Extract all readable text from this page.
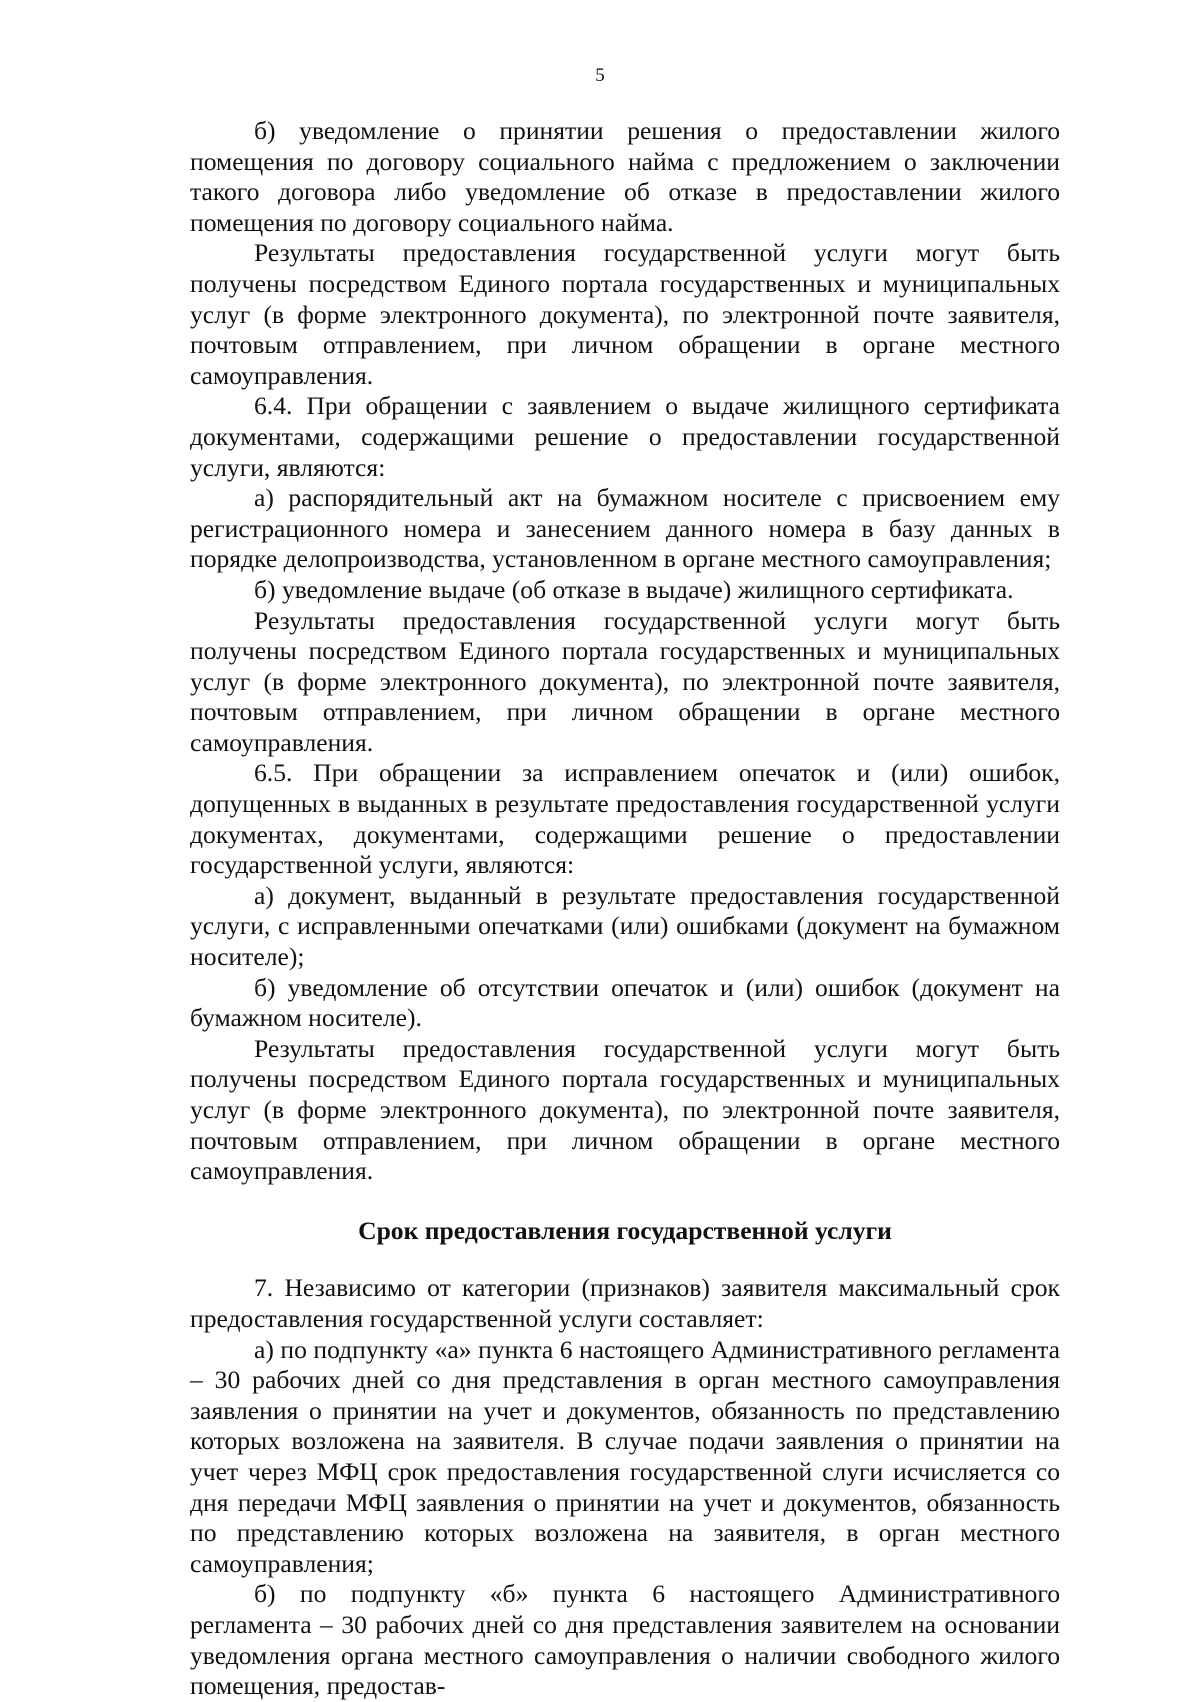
5

б) уведомление о принятии решения о предоставлении жилого помещения по договору социального найма с предложением о заключении такого договора либо уведомление об отказе в предоставлении жилого помещения по договору социального найма.

Результаты предоставления государственной услуги могут быть получены посредством Единого портала государственных и муниципальных услуг (в форме электронного документа), по электронной почте заявителя, почтовым отправлением, при личном обращении в органе местного самоуправления.

6.4. При обращении с заявлением о выдаче жилищного сертификата документами, содержащими решение о предоставлении государственной услуги, являются:

а) распорядительный акт на бумажном носителе с присвоением ему регистрационного номера и занесением данного номера в базу данных в порядке делопроизводства, установленном в органе местного самоуправления;

б) уведомление выдаче (об отказе в выдаче) жилищного сертификата.

Результаты предоставления государственной услуги могут быть получены посредством Единого портала государственных и муниципальных услуг (в форме электронного документа), по электронной почте заявителя, почтовым отправлением, при личном обращении в органе местного самоуправления.

6.5. При обращении за исправлением опечаток и (или) ошибок, допущенных в выданных в результате предоставления государственной услуги документах, документами, содержащими решение о предоставлении государственной услуги, являются:

а) документ, выданный в результате предоставления государственной услуги, с исправленными опечатками (или) ошибками (документ на бумажном носителе);

б) уведомление об отсутствии опечаток и (или) ошибок (документ на бумажном носителе).

Результаты предоставления государственной услуги могут быть получены посредством Единого портала государственных и муниципальных услуг (в форме электронного документа), по электронной почте заявителя, почтовым отправлением, при личном обращении в органе местного самоуправления.

Срок предоставления государственной услуги

7. Независимо от категории (признаков) заявителя максимальный срок предоставления государственной услуги составляет:

а) по подпункту «а» пункта 6 настоящего Административного регламента – 30 рабочих дней со дня представления в орган местного самоуправления заявления о принятии на учет и документов, обязанность по представлению которых возложена на заявителя. В случае подачи заявления о принятии на учет через МФЦ срок предоставления государственной слуги исчисляется со дня передачи МФЦ заявления о принятии на учет и документов, обязанность по представлению которых возложена на заявителя, в орган местного самоуправления;

б) по подпункту «б» пункта 6 настоящего Административного регламента – 30 рабочих дней со дня представления заявителем на основании уведомления органа местного самоуправления о наличии свободного жилого помещения, предостав-
